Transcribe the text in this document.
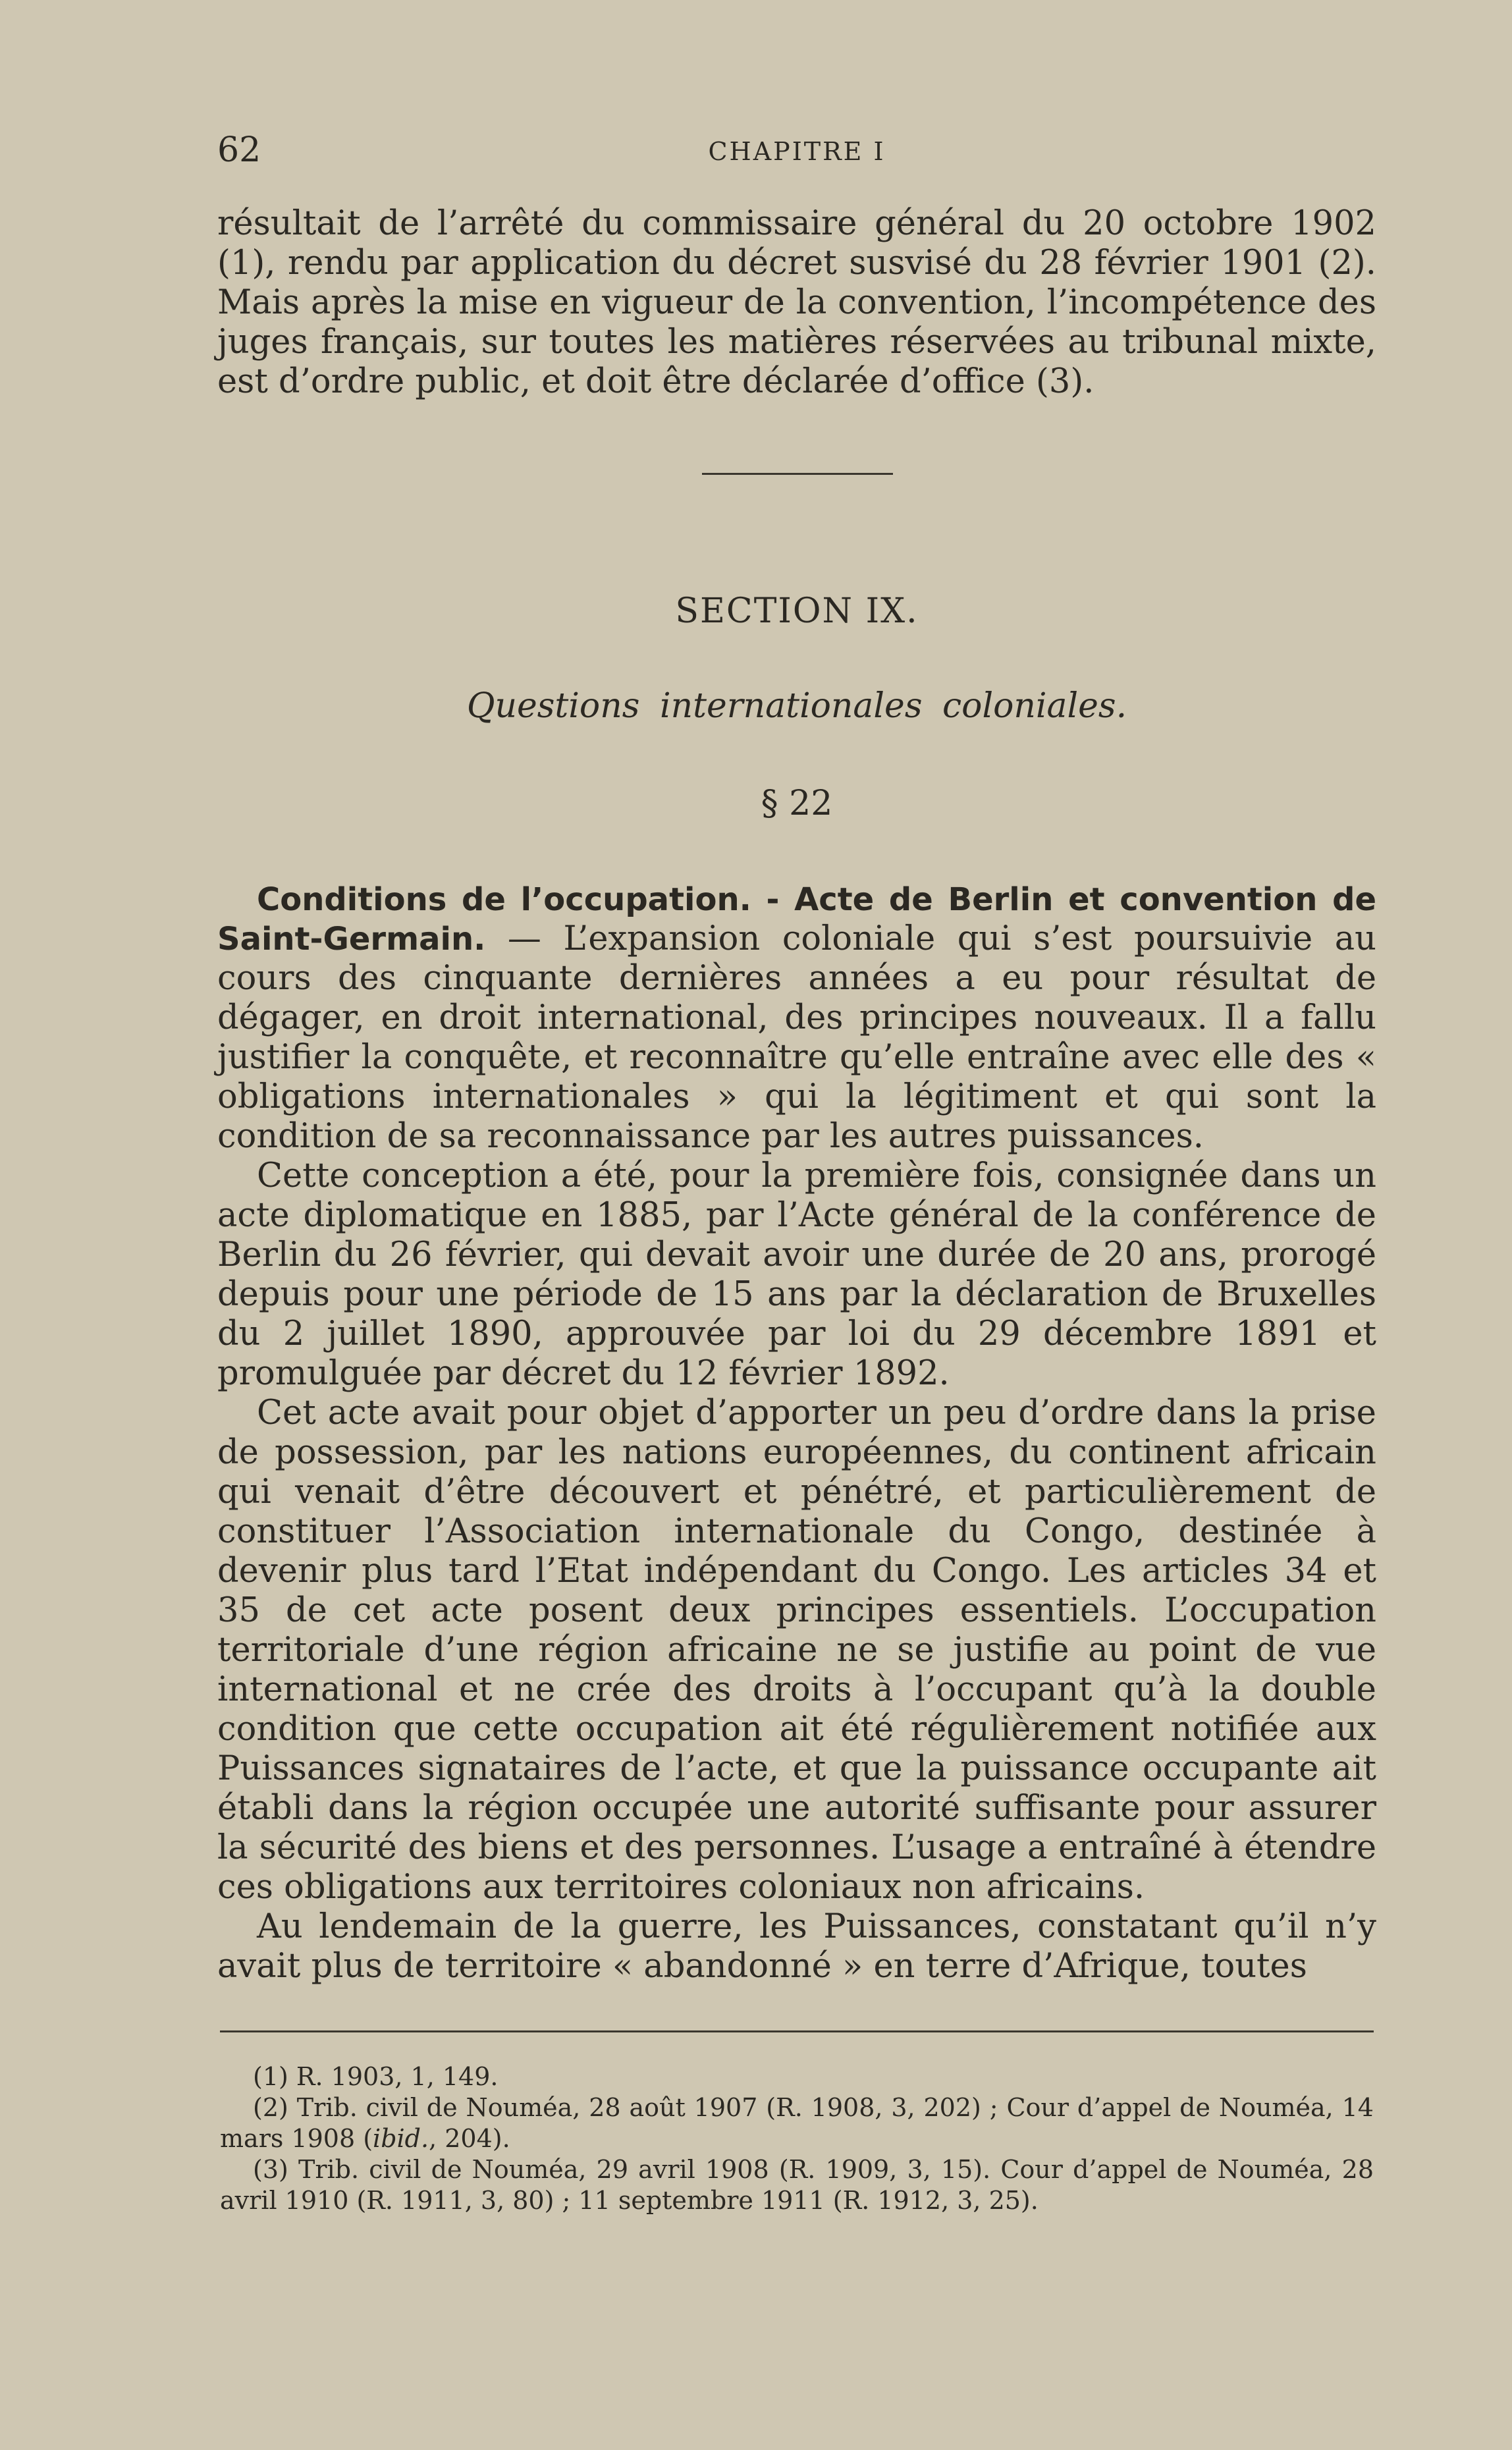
62	CHAPITRE I

résultait de l’arrêté du commissaire général du 20 octobre 1902 (1), rendu par application du décret susvisé du 28 février 1901 (2). Mais après la mise en vigueur de la convention, l’incompétence des juges français, sur toutes les matières réservées au tribunal mixte, est d’ordre public, et doit être déclarée d’office (3).

SECTION IX.
Questions internationales coloniales.
§ 22

Conditions de l’occupation. - Acte de Berlin et convention de Saint-Germain. — L’expansion coloniale qui s’est poursuivie au cours des cinquante dernières années a eu pour résultat de dégager, en droit international, des principes nouveaux. Il a fallu justifier la conquête, et reconnaître qu’elle entraîne avec elle des « obligations internationales » qui la légitiment et qui sont la condition de sa reconnaissance par les autres puissances.

Cette conception a été, pour la première fois, consignée dans un acte diplomatique en 1885, par l’Acte général de la conférence de Berlin du 26 février, qui devait avoir une durée de 20 ans, prorogé depuis pour une période de 15 ans par la déclaration de Bruxelles du 2 juillet 1890, approuvée par loi du 29 décembre 1891 et promulguée par décret du 12 février 1892.

Cet acte avait pour objet d’apporter un peu d’ordre dans la prise de possession, par les nations européennes, du continent africain qui venait d’être découvert et pénétré, et particulièrement de constituer l’Association internationale du Congo, destinée à devenir plus tard l’Etat indépendant du Congo. Les articles 34 et 35 de cet acte posent deux principes essentiels. L’occupation territoriale d’une région africaine ne se justifie au point de vue international et ne crée des droits à l’occupant qu’à la double condition que cette occupation ait été régulièrement notifiée aux Puissances signataires de l’acte, et que la puissance occupante ait établi dans la région occupée une autorité suffisante pour assurer la sécurité des biens et des personnes. L’usage a entraîné à étendre ces obligations aux territoires coloniaux non africains.

Au lendemain de la guerre, les Puissances, constatant qu’il n’y avait plus de territoire « abandonné » en terre d’Afrique, toutes

(1) R. 1903, 1, 149.

(2) Trib. civil de Nouméa, 28 août 1907 (R. 1908, 3, 202) ; Cour d’appel de Nouméa, 14 mars 1908 (ibid., 204).

(3) Trib. civil de Nouméa, 29 avril 1908 (R. 1909, 3, 15). Cour d’appel de Nouméa, 28 avril 1910 (R. 1911, 3, 80) ; 11 septembre 1911 (R. 1912, 3, 25).
